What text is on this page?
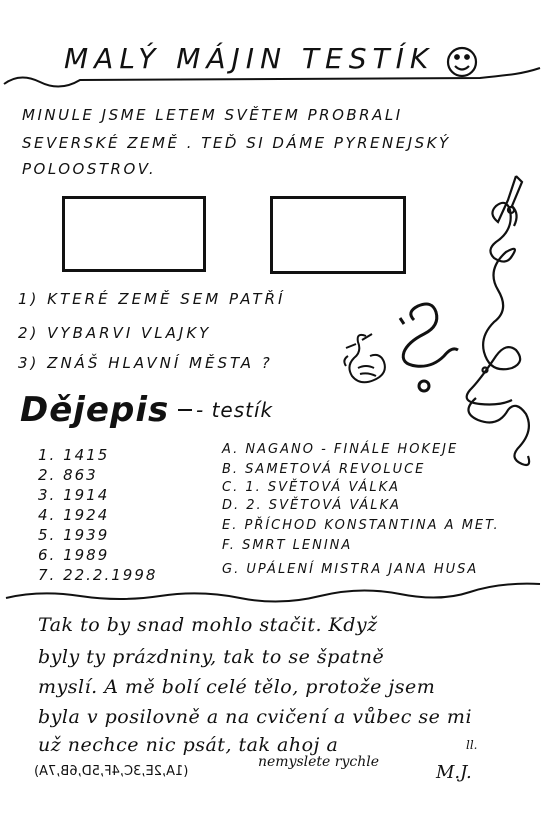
MALÝ MÁJIN TESTÍK
MINULE JSME LETEM SVĚTEM PROBRALI
SEVERSKÉ ZEMĚ . TEĎ SI DÁME PYRENEJSKÝ
POLOOSTROV.
1) KTERÉ ZEMĚ SEM PATŘÍ
2) VYBARVI VLAJKY
3) ZNÁŠ HLAVNÍ MĚSTA ?
Dějepis - testík
1. 1415
2. 863
3. 1914
4. 1924
5. 1939
6. 1989
7. 22.2.1998
A. NAGANO - FINÁLE HOKEJE
B. SAMETOVÁ REVOLUCE
C. 1. SVĚTOVÁ VÁLKA
D. 2. SVĚTOVÁ VÁLKA
E. PŘÍCHOD KONSTANTINA A MET.
F. SMRT LENINA
G. UPÁLENÍ MISTRA JANA HUSA
Tak to by snad mohlo stačit. Když
byly ty prázdniny, tak to se špatně
myslí. A mě bolí celé tělo, protože jsem
byla v posilovně a na cvičení a vůbec se mi
už nechce nic psát, tak ahoj a	ll.
(1A,2E,3C,4F,5D,6B,7A)
nemyslete rychle	M.J.
